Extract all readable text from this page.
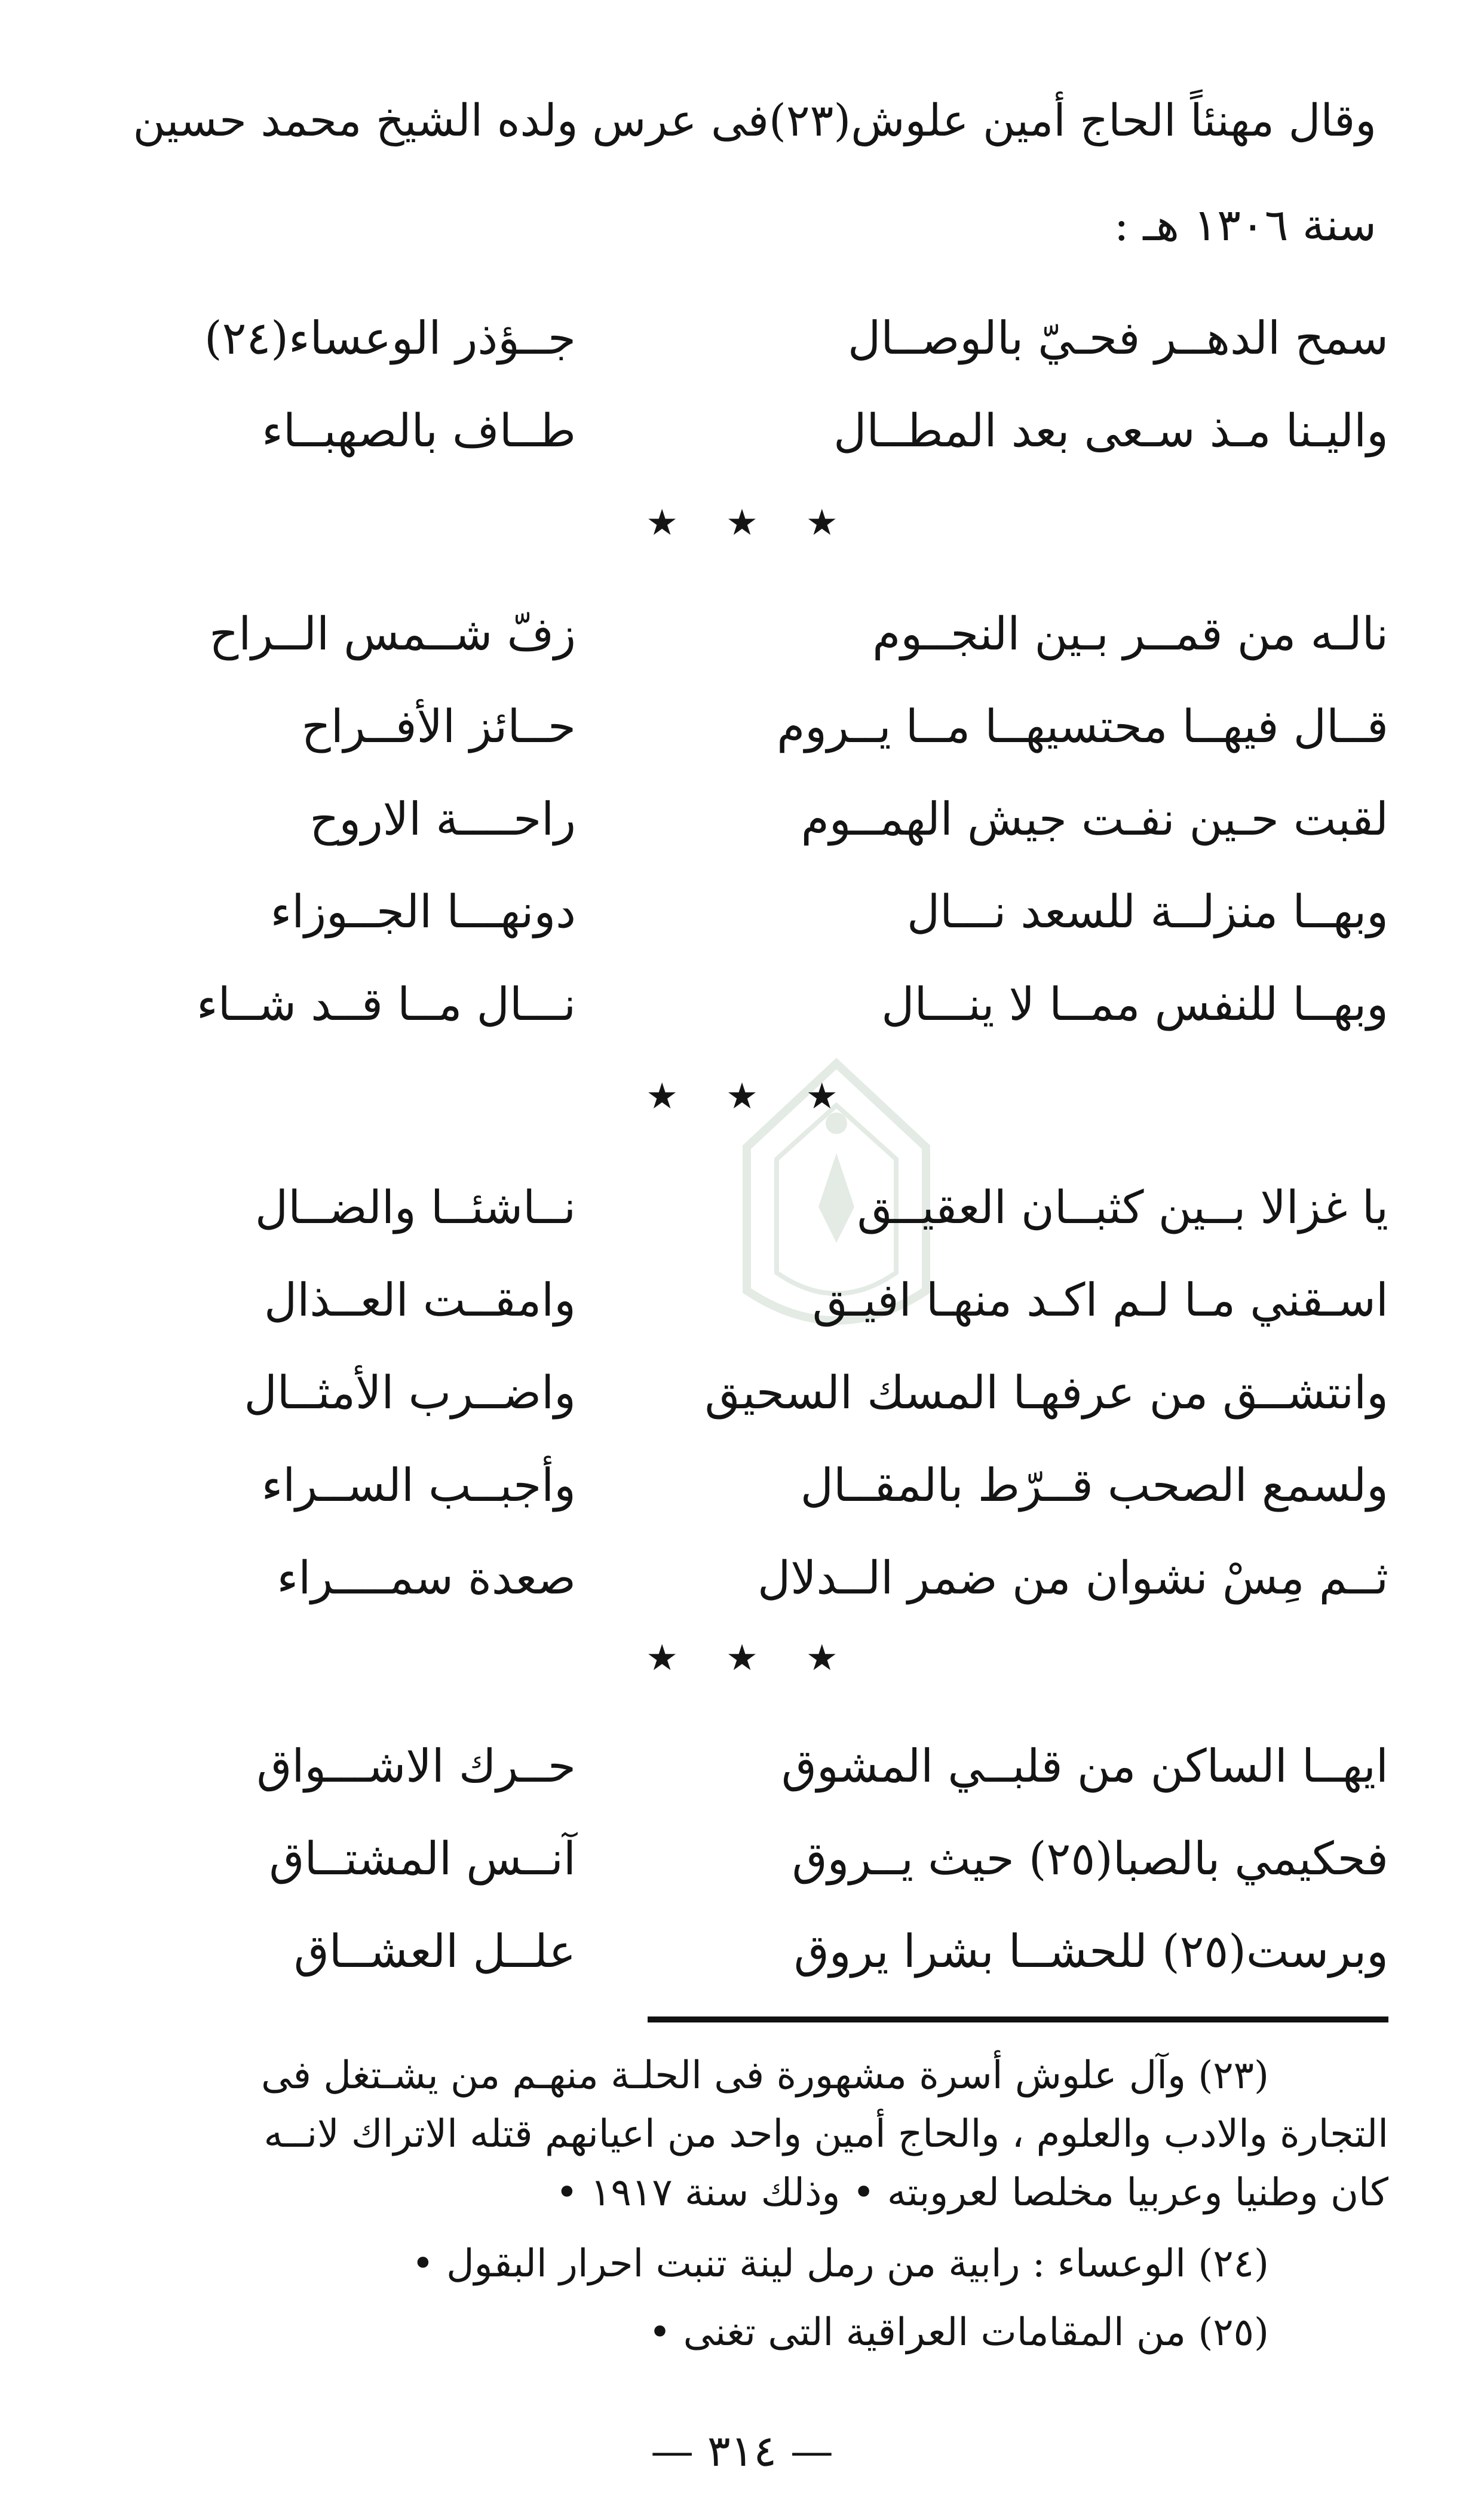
وقال مهنئاً الحاج أمين علوش(٢٣)فى عرس ولده الشيخ محمد حسين
سنة ١٣٠٦ هـ :
سمح الدهــر فحـيّ بالوصــال
جــؤذر الوعساء(٢٤)
واليـنا مـذ سـعى بعد المطــال
طــاف بالصهبــاء
★ ★ ★
نالـه من قمــر بـين النجــوم
زفّ شــمس الــراح
قــال فيهــا محتسيهــا مــا يــروم
حــائز الأفــراح
لقبت حـين نفـت جيش الهمــوم
راحــــة الاروح
وبهــا منزلــة للسعد نـــال
دونهـــا الجــوزاء
وبهــا للنفس ممــا لا ينـــال
نـــال مــا قــد شــاء
★ ★ ★
يا غزالا بــين كثبــان العقيــق
نــاشئــا والضــال
اسـقني مـا لـم اكـد منهـا افيـق
وامقــت العــذال
وانتشــق من عرفهـا المسك السحيق
واضــرب الأمثــال
ولسمع الصحب قــرّط بالمقــال
وأجبــب الســراء
ثــم مِسْ نشوان من ضمر الــدلال
صعدة سمــــراء
★ ★ ★
ايهــا الساكن من قلبــي المشوق
حــرك الاشـــواق
فحكيمي بالصبا(٢٥) حيث يــروق
آنــس المشتــاق
وبرست(٢٥) للحشــا بشرا يروق
علــل العشــاق
(٢٣) وآل علوش أسرة مشهورة فى الحلـة منهـم من يشـتغل فى
التجارة والادب والعلوم ، والحاج أمين واحد من اعيانهم قتله الاتراك لانــه
كان وطنيا وعربيا مخلصا لعروبته • وذلك سنة ١٩١٧ •
(٢٤) الوعساء : رابية من رمل لينة تنبت احرار البقول •
(٢٥) من المقامات العراقية التى تغنى •
— ٣١٤ —
